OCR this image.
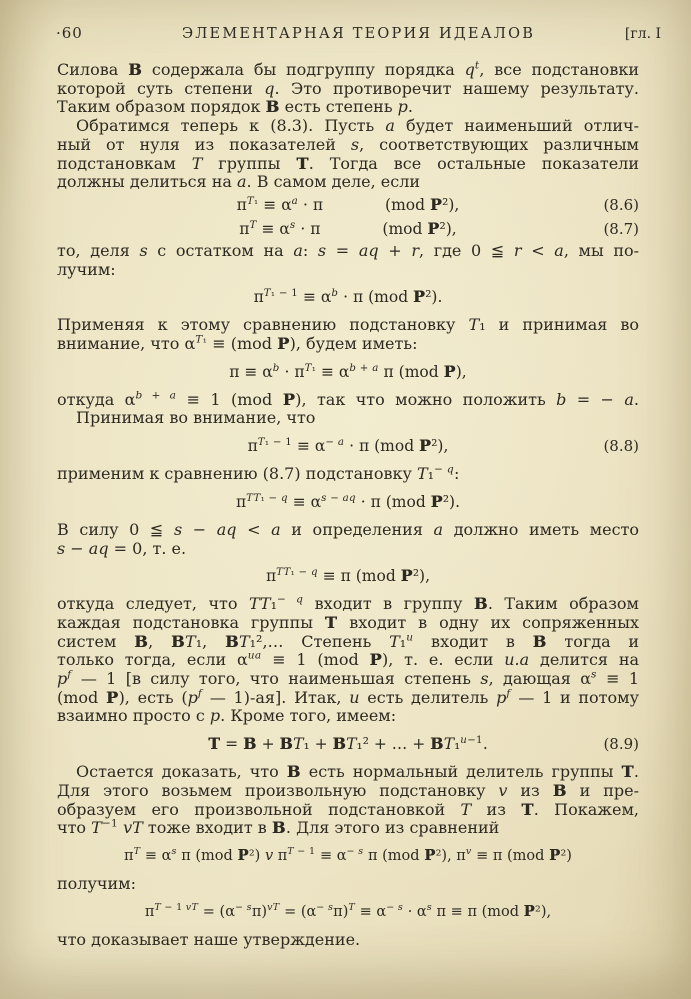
·60	ЭЛЕМЕНТАРНАЯ ТЕОРИЯ ИДЕАЛОВ	[гл. I
Силова B содержала бы подгруппу порядка $q^t$, все подстановки
которой суть степени q. Это противоречит нашему результату.
Таким образом порядок B есть степень p.
Обратимся теперь к (8.3). Пусть a будет наименьший отлич-
ный от нуля из показателей s, соответствующих различным
подстановкам T группы T. Тогда все остальные показатели
должны делиться на a. В самом деле, если
$\pi^{T_1} \equiv \alpha^a \cdot \pi$    (mod P²),	(8.6)
$\pi^T \equiv \alpha^s \cdot \pi$    (mod P²),	(8.7)
то, деля s с остатком на a: s = aq + r, где 0 ≦ r < a, мы по-
лучим:
$\pi^{T_1 - 1} \equiv \alpha^b \cdot \pi$ (mod P²).
Применяя к этому сравнению подстановку T₁ и принимая во
внимание, что $\alpha^{T_1} \equiv (mod$ P), будем иметь:
$\pi \equiv \alpha^b \cdot \pi^{T_1} \equiv \alpha^{b + a}$ π (mod P),
откуда $\alpha^{b + a} \equiv 1$ (mod P), так что можно положить b = − a.
Принимая во внимание, что
$\pi^{T_1 - 1} \equiv \alpha^{- a} \cdot \pi$ (mod P²),	(8.8)
применим к сравнению (8.7) подстановку T₁$^{- q}$:
$\pi^{TT_1 - q} \equiv \alpha^{s - aq} \cdot \pi$ (mod P²).
В силу 0 ≦ s − aq < a и определения a должно иметь место
s − aq = 0, т. е.
$\pi^{TT_1 - q} \equiv \pi$ (mod P²),
откуда следует, что TT₁$^{- q}$ входит в группу B. Таким образом
каждая подстановка группы T входит в одну их сопряженных
систем B, BT₁, BT₁²,… Степень T₁$^u$ входит в B тогда и
только тогда, если $\alpha^{ua} \equiv 1$ (mod P), т. е. если u.a делится на
$p^f$ — 1 [в силу того, что наименьшая степень s, дающая $\alpha^s \equiv 1$
(mod P), есть ($p^f$ — 1)-ая]. Итак, u есть делитель $p^f$ — 1 и потому
взаимно просто с p. Кроме того, имеем:
T = B + BT₁ + BT₁² + … + BT₁$^{u-1}$.	(8.9)
Остается доказать, что B есть нормальный делитель группы T.
Для этого возьмем произвольную подстановку v из B и пре-
образуем его произвольной подстановкой T из T. Покажем,
что $T^{-1}$ vT тоже входит в B. Для этого из сравнений
$\pi^T \equiv \alpha^s$ π (mod P²) v $\pi^{T - 1} \equiv \alpha^{- s}$ π (mod P²), $\pi^v \equiv \pi$ (mod P²)
получим:
$\pi^{T - 1 vT} = (\alpha^{- s}\pi)^{vT} = (\alpha^{- s}\pi)^T \equiv \alpha^{- s} \cdot \alpha^s$ π ≡ π (mod P²),
что доказывает наше утверждение.
